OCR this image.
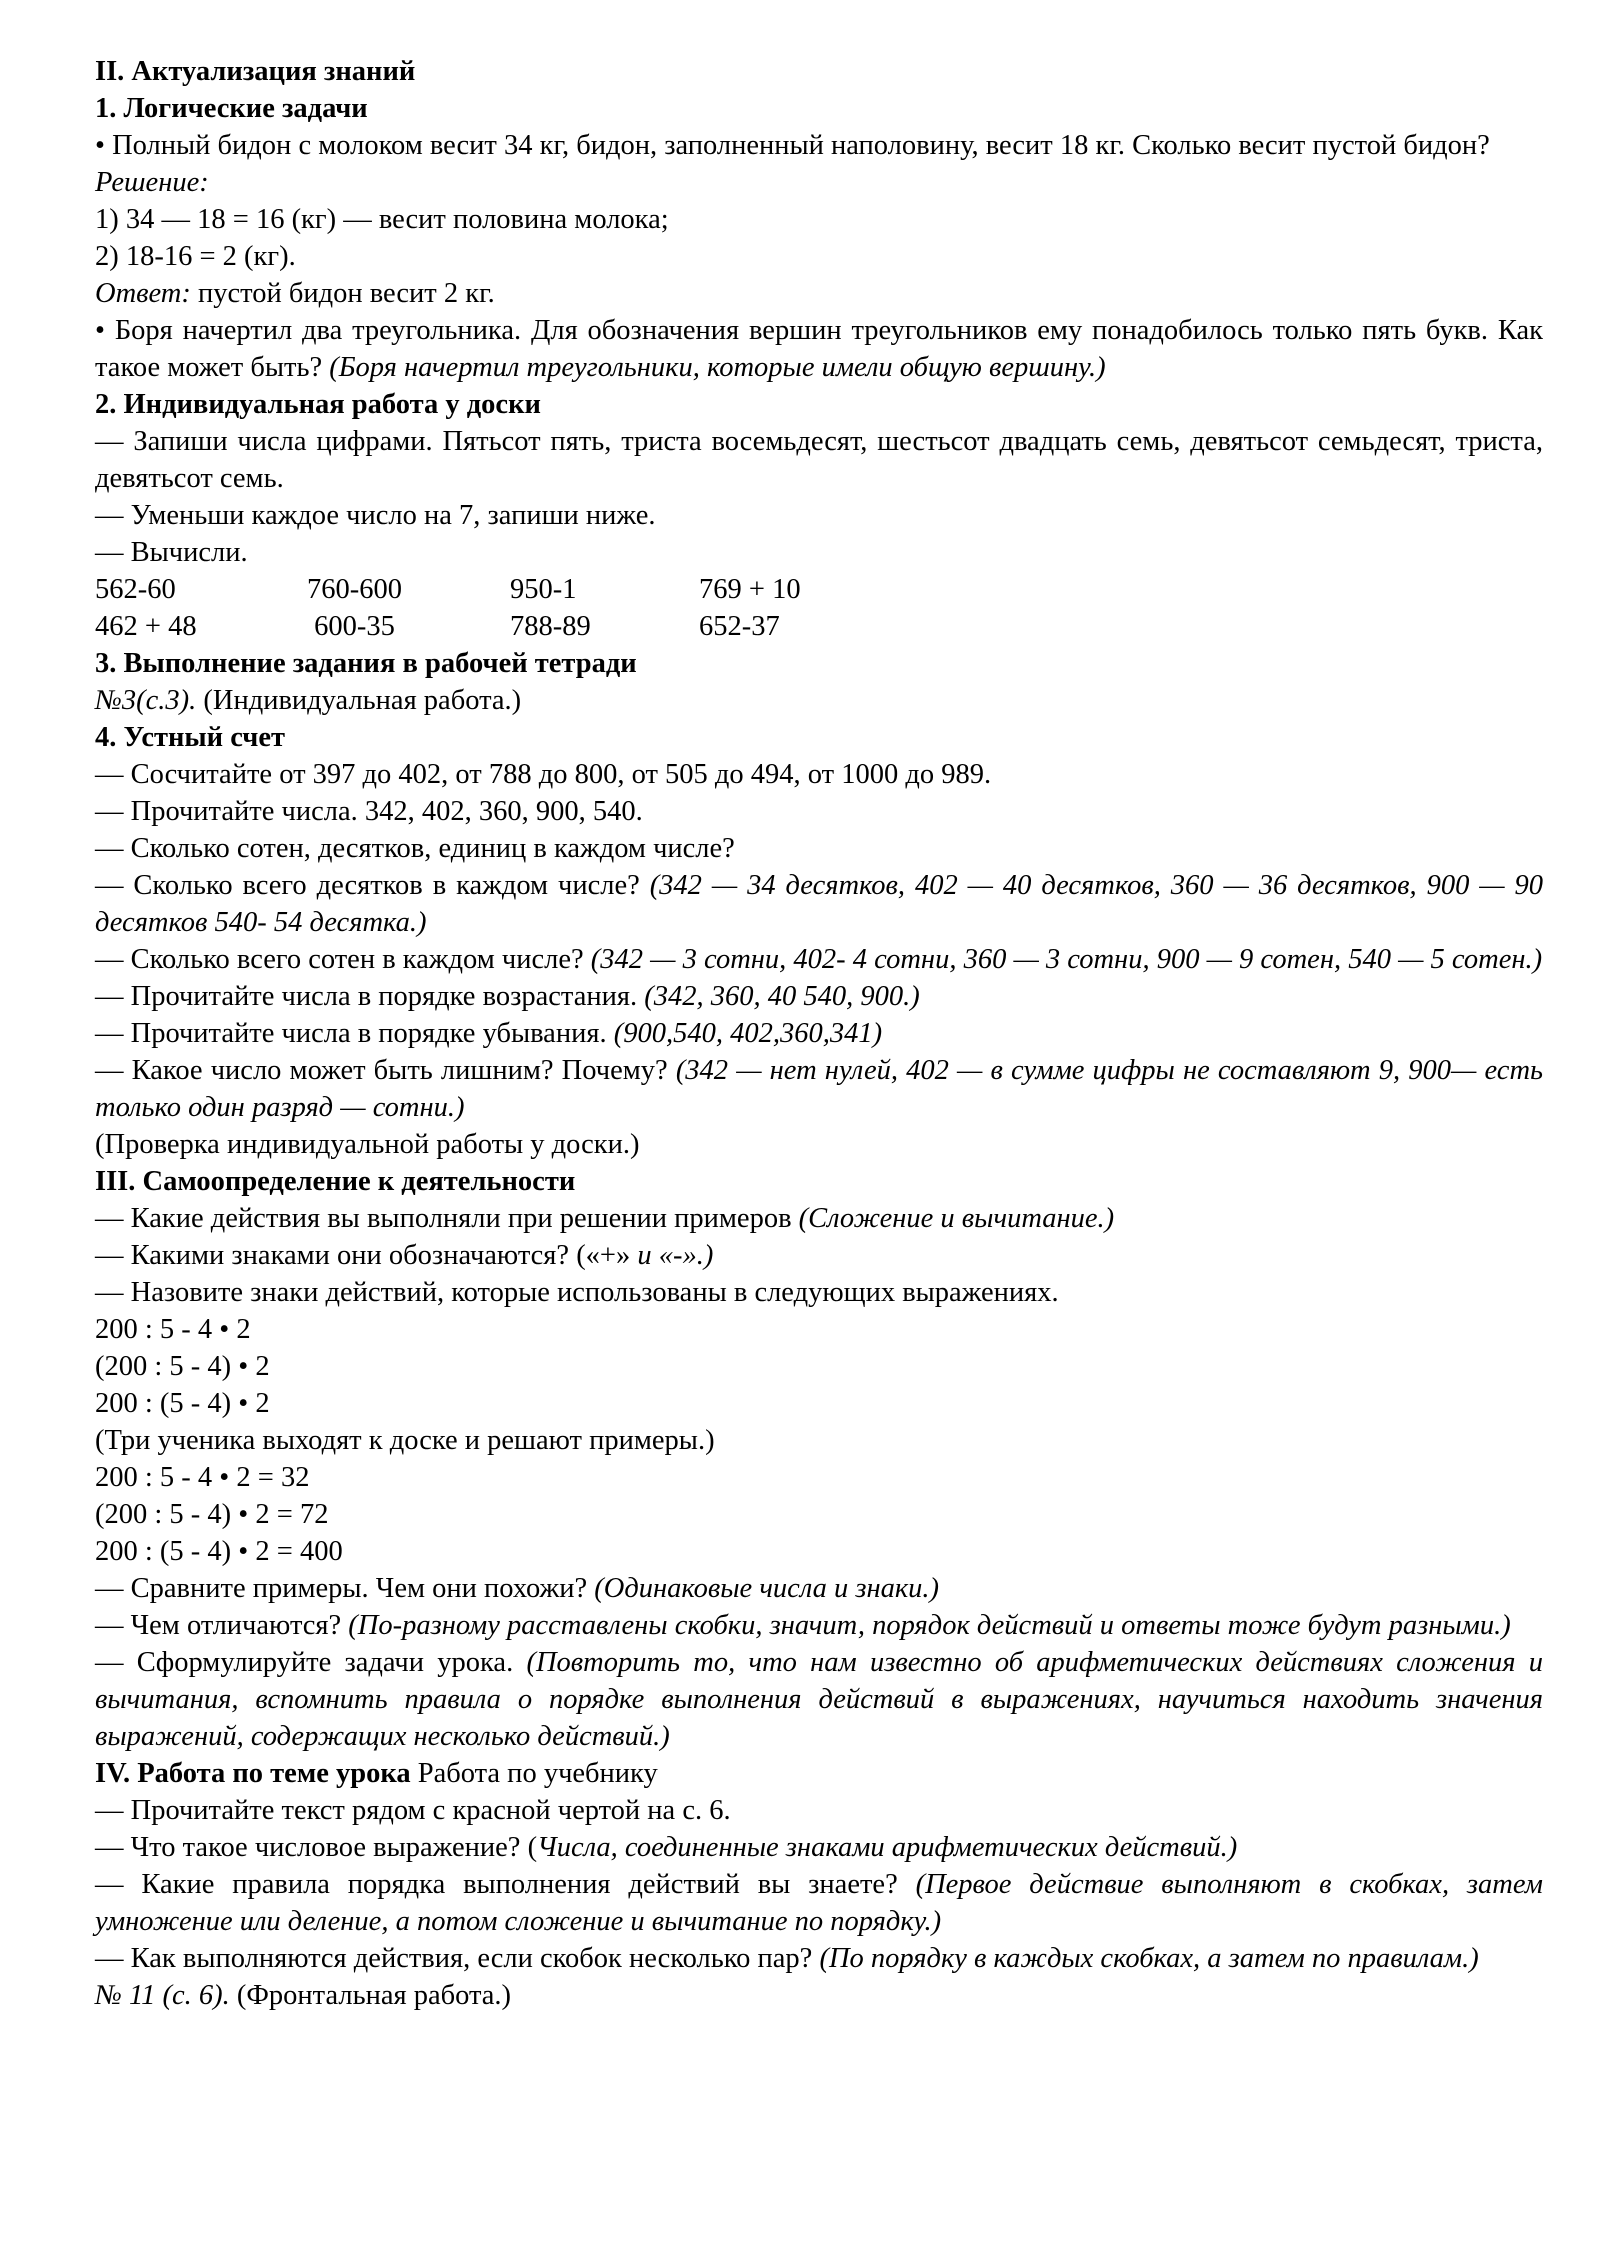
II. Актуализация знаний

1. Логические задачи

• Полный бидон с молоком весит 34 кг, бидон, заполненный наполовину, весит 18 кг. Сколько весит пустой бидон?

Решение:

1) 34 — 18 = 16 (кг) — весит половина молока;

2) 18-16 = 2 (кг).

Ответ: пустой бидон весит 2 кг.

• Боря начертил два треугольника. Для обозначения вершин треугольников ему понадобилось только пять букв. Как такое может быть? (Боря начертил треугольники, которые имели общую вершину.)

2. Индивидуальная работа у доски

— Запиши числа цифрами. Пятьсот пять, триста восемьдесят, шестьсот двадцать семь, девятьсот семьдесят, триста, девятьсот семь.

— Уменьши каждое число на 7, запиши ниже.

— Вычисли.

562-60	760-600	950-1	769 + 10
462 + 48	600-35	788-89	652-37

3. Выполнение задания в рабочей тетради

№3(с.3). (Индивидуальная работа.)

4. Устный счет

— Сосчитайте от 397 до 402, от 788 до 800, от 505 до 494, от 1000 до 989.

— Прочитайте числа. 342, 402, 360, 900, 540.

— Сколько сотен, десятков, единиц в каждом числе?

— Сколько всего десятков в каждом числе? (342 — 34 десятков, 402 — 40 десятков, 360 — 36 десятков, 900 — 90 десятков 540- 54 десятка.)

— Сколько всего сотен в каждом числе? (342 — 3 сотни, 402- 4 сотни, 360 — 3 сотни, 900 — 9 сотен, 540 — 5 сотен.)

— Прочитайте числа в порядке возрастания. (342, 360, 40 540, 900.)

— Прочитайте числа в порядке убывания. (900,540, 402,360,341)

— Какое число может быть лишним? Почему? (342 — нет нулей, 402 — в сумме цифры не составляют 9, 900— есть только один разряд — сотни.)

(Проверка индивидуальной работы у доски.)

III. Самоопределение к деятельности

— Какие действия вы выполняли при решении примеров (Сложение и вычитание.)

— Какими знаками они обозначаются? («+» и «-».)

— Назовите знаки действий, которые использованы в следующих выражениях.

200 : 5 - 4 • 2

(200 : 5 - 4) • 2

200 : (5 - 4) • 2

(Три ученика выходят к доске и решают примеры.)

200 : 5 - 4 • 2 = 32

(200 : 5 - 4) • 2 = 72

200 : (5 - 4) • 2 = 400

— Сравните примеры. Чем они похожи? (Одинаковые числа и знаки.)

— Чем отличаются? (По-разному расставлены скобки, значит, порядок действий и ответы тоже будут разными.)

— Сформулируйте задачи урока. (Повторить то, что нам известно об арифметических действиях сложения и вычитания, вспомнить правила о порядке выполнения действий в выражениях, научиться находить значения выражений, содержащих несколько действий.)

IV. Работа по теме урока Работа по учебнику

— Прочитайте текст рядом с красной чертой на с. 6.

— Что такое числовое выражение? (Числа, соединенные знаками арифметических действий.)

— Какие правила порядка выполнения действий вы знаете? (Первое действие выполняют в скобках, затем умножение или деление, а потом сложение и вычитание по порядку.)

— Как выполняются действия, если скобок несколько пар? (По порядку в каждых скобках, а затем по правилам.)

№ 11 (с. 6). (Фронтальная работа.)
